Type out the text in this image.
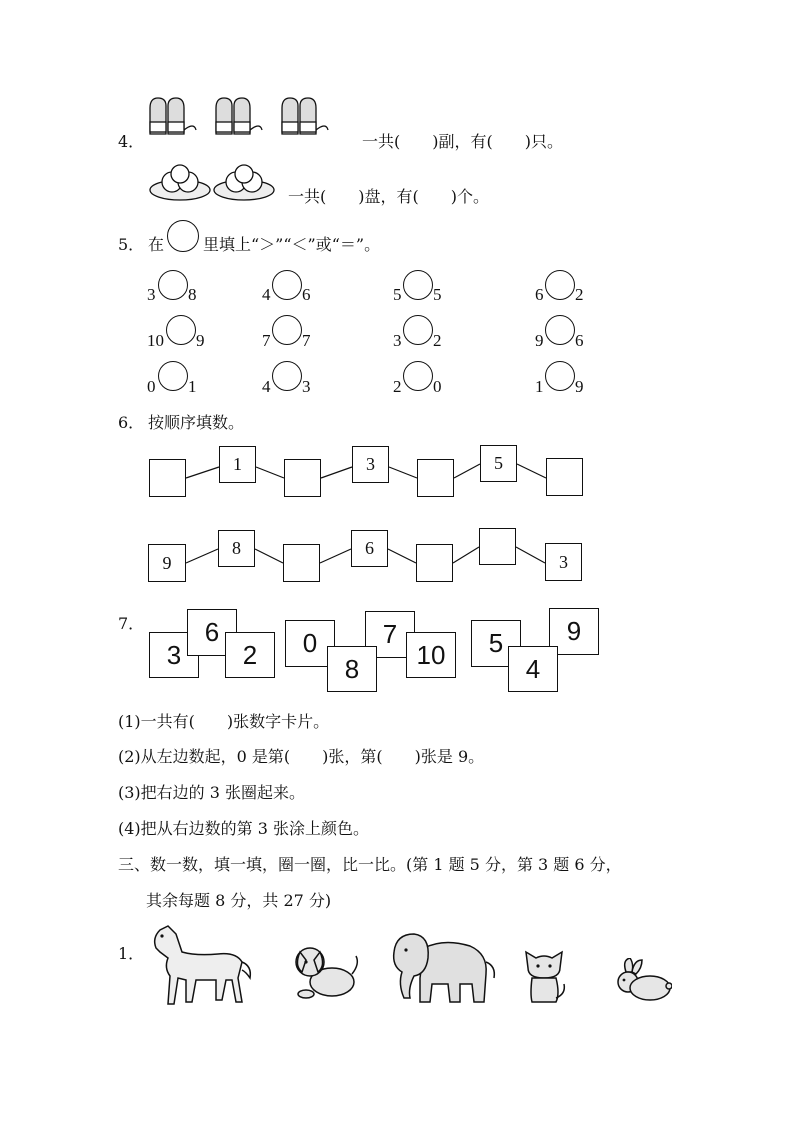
4．	一共(　　)副，有(　　)只。
一共(　　)盘，有(　　)个。
5． 在 里填上“＞”“＜”或“＝”。
3 8	4 6	5 5	6 2
10 9	7 7	3 2	9 6
0 1	4 3	2 0	1 9
6． 按顺序填数。
1	3	5
9
8	6
3
7．
3
6
2	0	7
8	10	5	9
4
(1)一共有(　　)张数字卡片。
(2)从左边数起，0 是第(　　)张，第(　　)张是 9。
(3)把右边的 3 张圈起来。
(4)把从右边数的第 3 张涂上颜色。
三、数一数，填一填，圈一圈，比一比。(第 1 题 5 分，第 3 题 6 分，
其余每题 8 分，共 27 分)
1．
